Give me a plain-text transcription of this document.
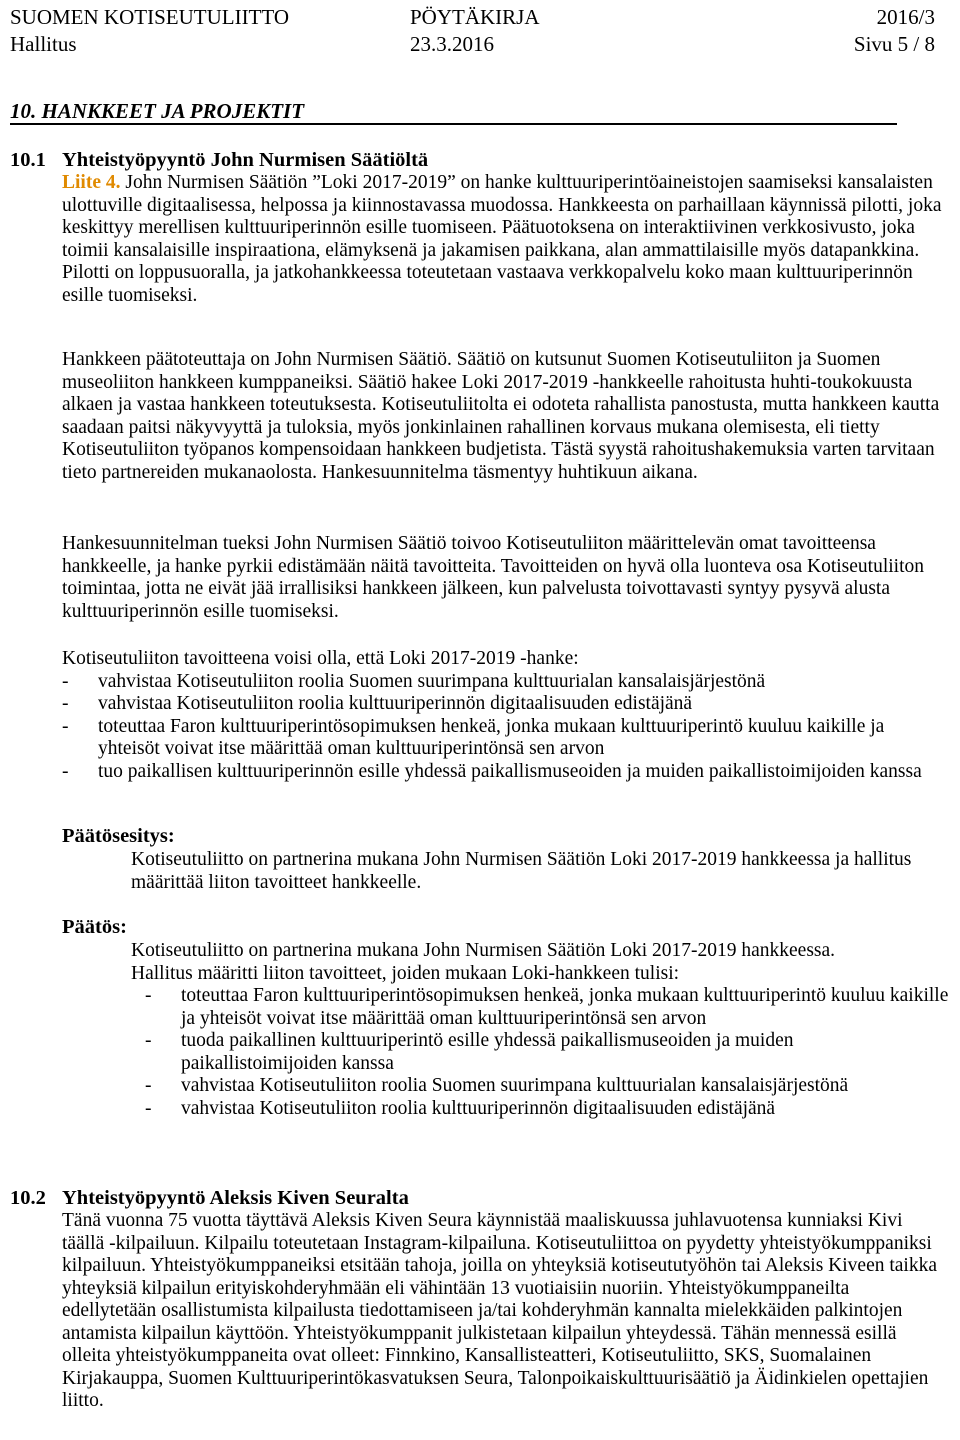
SUOMEN KOTISEUTULIITTO	PÖYTÄKIRJA	2016/3
Hallitus	23.3.2016	Sivu 5 / 8
10. HANKKEET JA PROJEKTIT
10.1 Yhteistyöpyyntö John Nurmisen Säätiöltä

Liite 4. John Nurmisen Säätiön ”Loki 2017-2019” on hanke kulttuuriperintöaineistojen saamiseksi kansalaisten ulottuville digitaalisessa, helpossa ja kiinnostavassa muodossa. Hankkeesta on parhaillaan käynnissä pilotti, joka keskittyy merellisen kulttuuriperinnön esille tuomiseen. Päätuotoksena on interaktiivinen verkkosivusto, joka toimii kansalaisille inspiraationa, elämyksenä ja jakamisen paikkana, alan ammattilaisille myös datapankkina. Pilotti on loppusuoralla, ja jatkohankkeessa toteutetaan vastaava verkkopalvelu koko maan kulttuuriperinnön esille tuomiseksi.

Hankkeen päätoteuttaja on John Nurmisen Säätiö. Säätiö on kutsunut Suomen Kotiseutuliiton ja Suomen museoliiton hankkeen kumppaneiksi. Säätiö hakee Loki 2017-2019 -hankkeelle rahoitusta huhti-toukokuusta alkaen ja vastaa hankkeen toteutuksesta. Kotiseutuliitolta ei odoteta rahallista panostusta, mutta hankkeen kautta saadaan paitsi näkyvyyttä ja tuloksia, myös jonkinlainen rahallinen korvaus mukana olemisesta, eli tietty Kotiseutuliiton työpanos kompensoidaan hankkeen budjetista. Tästä syystä rahoitushakemuksia varten tarvitaan tieto partnereiden mukanaolosta. Hankesuunnitelma täsmentyy huhtikuun aikana.

Hankesuunnitelman tueksi John Nurmisen Säätiö toivoo Kotiseutuliiton määrittelevän omat tavoitteensa hankkeelle, ja hanke pyrkii edistämään näitä tavoitteita. Tavoitteiden on hyvä olla luonteva osa Kotiseutuliiton toimintaa, jotta ne eivät jää irrallisiksi hankkeen jälkeen, kun palvelusta toivottavasti syntyy pysyvä alusta kulttuuriperinnön esille tuomiseksi.

Kotiseutuliiton tavoitteena voisi olla, että Loki 2017-2019 -hanke:

- vahvistaa Kotiseutuliiton roolia Suomen suurimpana kulttuurialan kansalaisjärjestönä
- vahvistaa Kotiseutuliiton roolia kulttuuriperinnön digitaalisuuden edistäjänä
- toteuttaa Faron kulttuuriperintösopimuksen henkeä, jonka mukaan kulttuuriperintö kuuluu kaikille ja yhteisöt voivat itse määrittää oman kulttuuriperintönsä sen arvon
- tuo paikallisen kulttuuriperinnön esille yhdessä paikallismuseoiden ja muiden paikallistoimijoiden kanssa
Päätösesitys:

Kotiseutuliitto on partnerina mukana John Nurmisen Säätiön Loki 2017-2019 hankkeessa ja hallitus määrittää liiton tavoitteet hankkeelle.

Päätös:

Kotiseutuliitto on partnerina mukana John Nurmisen Säätiön Loki 2017-2019 hankkeessa.

Hallitus määritti liiton tavoitteet, joiden mukaan Loki-hankkeen tulisi:

- toteuttaa Faron kulttuuriperintösopimuksen henkeä, jonka mukaan kulttuuriperintö kuuluu kaikille ja yhteisöt voivat itse määrittää oman kulttuuriperintönsä sen arvon
- tuoda paikallinen kulttuuriperintö esille yhdessä paikallismuseoiden ja muiden paikallistoimijoiden kanssa
- vahvistaa Kotiseutuliiton roolia Suomen suurimpana kulttuurialan kansalaisjärjestönä
- vahvistaa Kotiseutuliiton roolia kulttuuriperinnön digitaalisuuden edistäjänä
10.2 Yhteistyöpyyntö Aleksis Kiven Seuralta

Tänä vuonna 75 vuotta täyttävä Aleksis Kiven Seura käynnistää maaliskuussa juhlavuotensa kunniaksi Kivi täällä -kilpailuun. Kilpailu toteutetaan Instagram-kilpailuna. Kotiseutuliittoa on pyydetty yhteistyökumppaniksi kilpailuun. Yhteistyökumppaneiksi etsitään tahoja, joilla on yhteyksiä kotiseututyöhön tai Aleksis Kiveen taikka yhteyksiä kilpailun erityiskohderyhmään eli vähintään 13 vuotiaisiin nuoriin. Yhteistyökumppaneilta edellytetään osallistumista kilpailusta tiedottamiseen ja/tai kohderyhmän kannalta mielekkäiden palkintojen antamista kilpailun käyttöön. Yhteistyökumppanit julkistetaan kilpailun yhteydessä. Tähän mennessä esillä olleita yhteistyökumppaneita ovat olleet: Finnkino, Kansallisteatteri, Kotiseutuliitto, SKS, Suomalainen Kirjakauppa, Suomen Kulttuuriperintökasvatuksen Seura, Talonpoikaiskulttuurisäätiö ja Äidinkielen opettajien liitto.
